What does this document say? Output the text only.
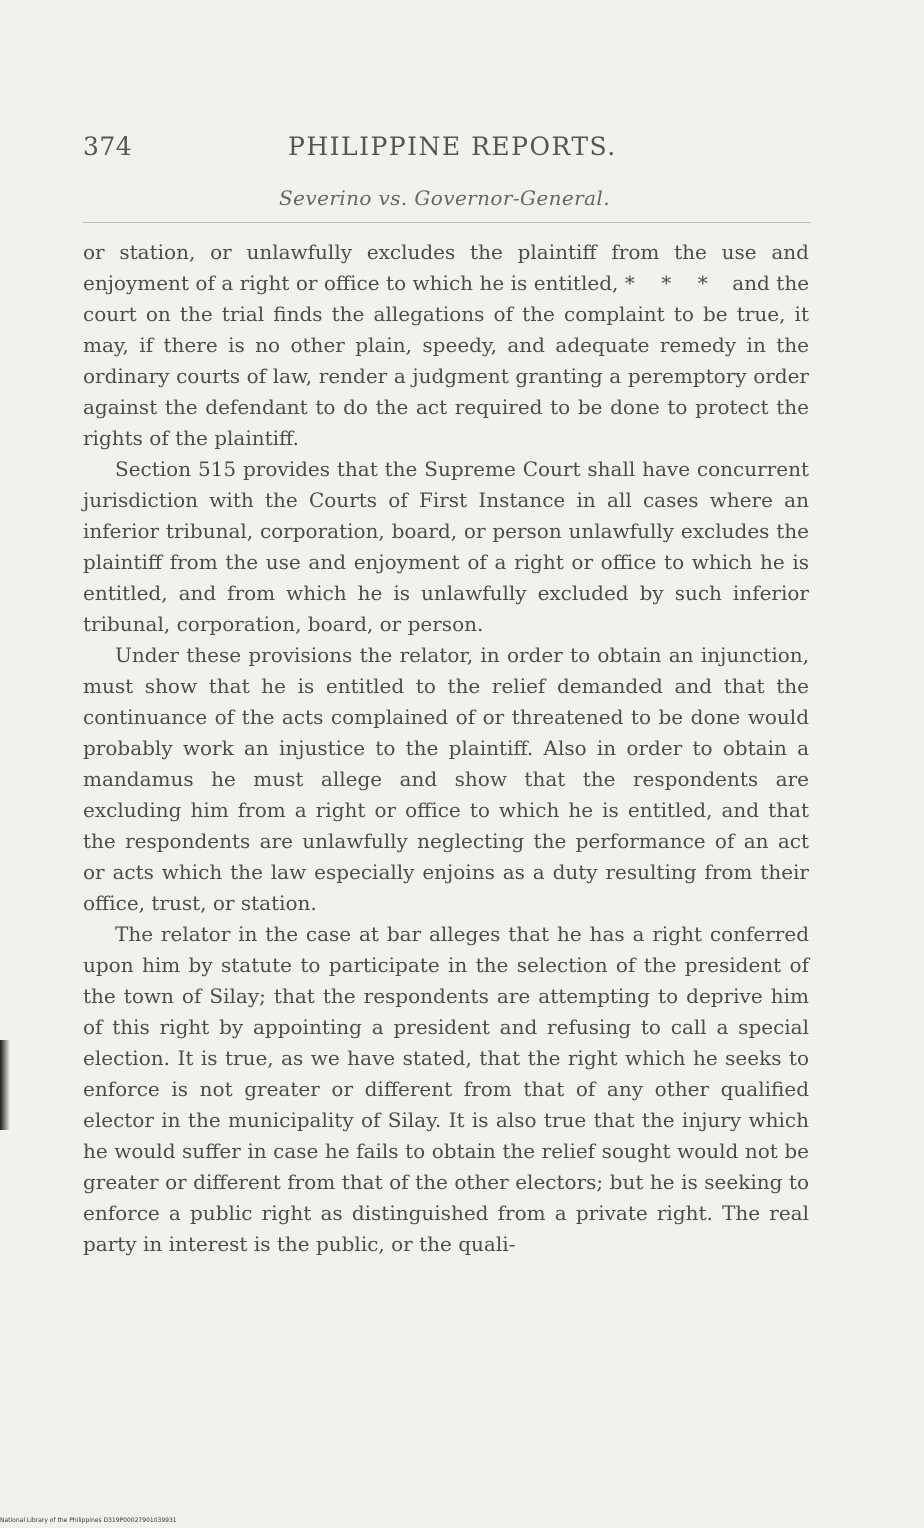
374	PHILIPPINE REPORTS.
Severino vs. Governor-General.

or station, or unlawfully excludes the plaintiff from the use and enjoyment of a right or office to which he is entitled, * * * and the court on the trial finds the allegations of the complaint to be true, it may, if there is no other plain, speedy, and adequate remedy in the ordinary courts of law, render a judgment granting a peremptory order against the defendant to do the act required to be done to protect the rights of the plaintiff.

Section 515 provides that the Supreme Court shall have concurrent jurisdiction with the Courts of First Instance in all cases where an inferior tribunal, corporation, board, or person unlawfully excludes the plaintiff from the use and enjoyment of a right or office to which he is entitled, and from which he is unlawfully excluded by such inferior tribunal, corporation, board, or person.

Under these provisions the relator, in order to obtain an injunction, must show that he is entitled to the relief demanded and that the continuance of the acts complained of or threatened to be done would probably work an injustice to the plaintiff. Also in order to obtain a mandamus he must allege and show that the respondents are excluding him from a right or office to which he is entitled, and that the respondents are unlawfully neglecting the performance of an act or acts which the law especially enjoins as a duty resulting from their office, trust, or station.

The relator in the case at bar alleges that he has a right conferred upon him by statute to participate in the selection of the president of the town of Silay; that the respondents are attempting to deprive him of this right by appointing a president and refusing to call a special election. It is true, as we have stated, that the right which he seeks to enforce is not greater or different from that of any other qualified elector in the municipality of Silay. It is also true that the injury which he would suffer in case he fails to obtain the relief sought would not be greater or different from that of the other electors; but he is seeking to enforce a public right as distinguished from a private right. The real party in interest is the public, or the quali-

National Library of the Philippines D319P00027901039931
